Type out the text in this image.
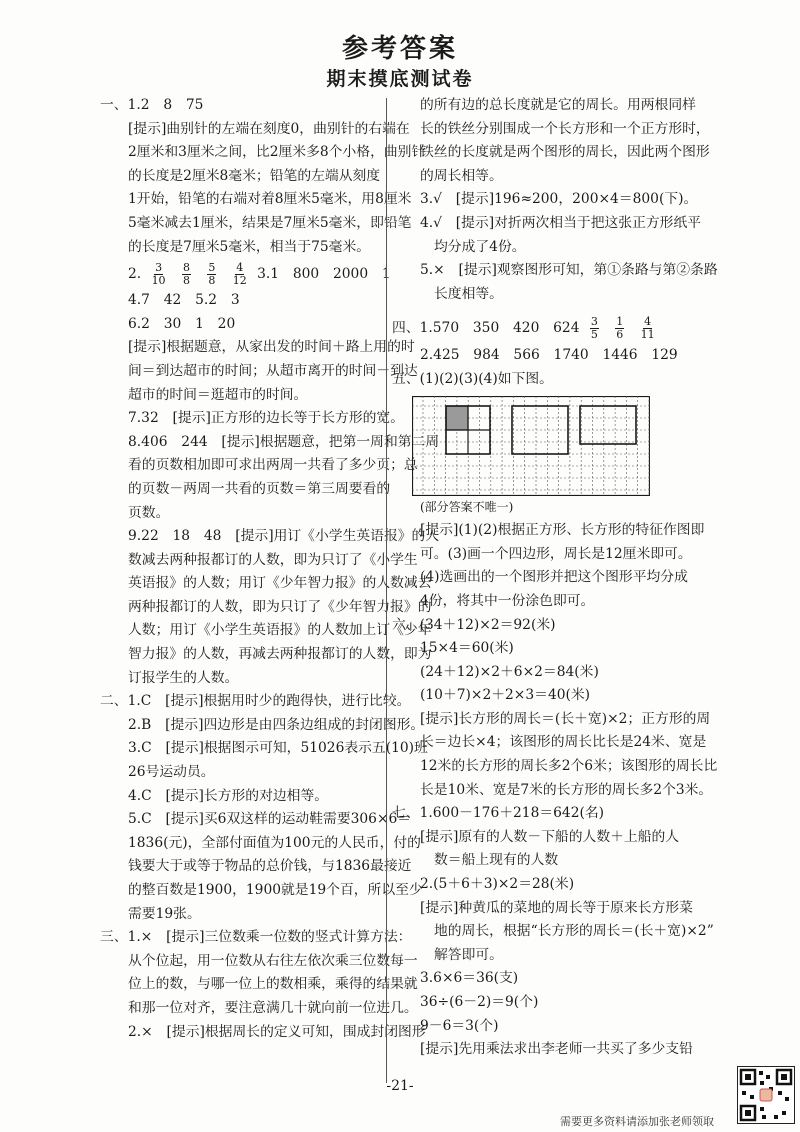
参考答案
期末摸底测试卷
一、1.2　8　75
[提示]曲别针的左端在刻度0，曲别针的右端在
2厘米和3厘米之间，比2厘米多8个小格，曲别针
的长度是2厘米8毫米；铅笔的左端从刻度
1开始，铅笔的右端对着8厘米5毫米，用8厘米
5毫米减去1厘米，结果是7厘米5毫米，即铅笔
的长度是7厘米5毫米，相当于75毫米。
2. $\frac{3}{10}$
$\frac{8}{8}$
$\frac{5}{8}$
$\frac{4}{12} 3.1$　800　2000　1
4.7　42　5.2　3
6.2　30　1　20
[提示]根据题意，从家出发的时间＋路上用的时
间＝到达超市的时间；从超市离开的时间－到达
超市的时间＝逛超市的时间。
7.32　[提示]正方形的边长等于长方形的宽。
8.406　244　[提示]根据题意，把第一周和第二周
看的页数相加即可求出两周一共看了多少页；总
的页数－两周一共看的页数＝第三周要看的
页数。
9.22　18　48　[提示]用订《小学生英语报》的人
数减去两种报都订的人数，即为只订了《小学生
英语报》的人数；用订《少年智力报》的人数减去
两种报都订的人数，即为只订了《少年智力报》的
人数；用订《小学生英语报》的人数加上订《少年
智力报》的人数，再减去两种报都订的人数，即为
订报学生的人数。
二、1.C　[提示]根据用时少的跑得快，进行比较。
2.B　[提示]四边形是由四条边组成的封闭图形。
3.C　[提示]根据图示可知，51026表示五(10)班
26号运动员。
4.C　[提示]长方形的对边相等。
5.C　[提示]买6双这样的运动鞋需要306×6＝
1836(元)，全部付面值为100元的人民币，付的
钱要大于或等于物品的总价钱，与1836最接近
的整百数是1900，1900就是19个百，所以至少
需要19张。
三、1.×　[提示]三位数乘一位数的竖式计算方法：
从个位起，用一位数从右往左依次乘三位数每一
位上的数，与哪一位上的数相乘，乘得的结果就
和那一位对齐，要注意满几十就向前一位进几。
2.×　[提示]根据周长的定义可知，围成封闭图形
的所有边的总长度就是它的周长。用两根同样
长的铁丝分别围成一个长方形和一个正方形时，
铁丝的长度就是两个图形的周长，因此两个图形
的周长相等。
3.√　[提示]196≈200，200×4＝800(下)。
4.√　[提示]对折两次相当于把这张正方形纸平
均分成了4份。
5.×　[提示]观察图形可知，第①条路与第②条路
长度相等。
四、1.570　350　420　$624 \frac{3}{5}$
$\frac{1}{6}$
$\frac{4}{11}$
2.425　984　566　1740　1446　129
五、(1)(2)(3)(4)如下图。
(部分答案不唯一)
[提示](1)(2)根据正方形、长方形的特征作图即
可。(3)画一个四边形，周长是12厘米即可。
(4)选画出的一个图形并把这个图形平均分成
4份，将其中一份涂色即可。
六、(34＋12)×2＝92(米)
15×4＝60(米)
(24＋12)×2＋6×2＝84(米)
(10＋7)×2＋2×3＝40(米)
[提示]长方形的周长＝(长＋宽)×2；正方形的周
长＝边长×4；该图形的周长比长是24米、宽是
12米的长方形的周长多2个6米；该图形的周长比
长是10米、宽是7米的长方形的周长多2个3米。
七、1.600－176＋218＝642(名)
[提示]原有的人数－下船的人数＋上船的人
数＝船上现有的人数
2.(5＋6＋3)×2＝28(米)
[提示]种黄瓜的菜地的周长等于原来长方形菜
地的周长，根据“长方形的周长＝(长＋宽)×2”
解答即可。
3.6×6＝36(支)
36÷(6－2)＝9(个)
9－6＝3(个)
[提示]先用乘法求出李老师一共买了多少支铅
-21-
需要更多资料请添加张老师领取
